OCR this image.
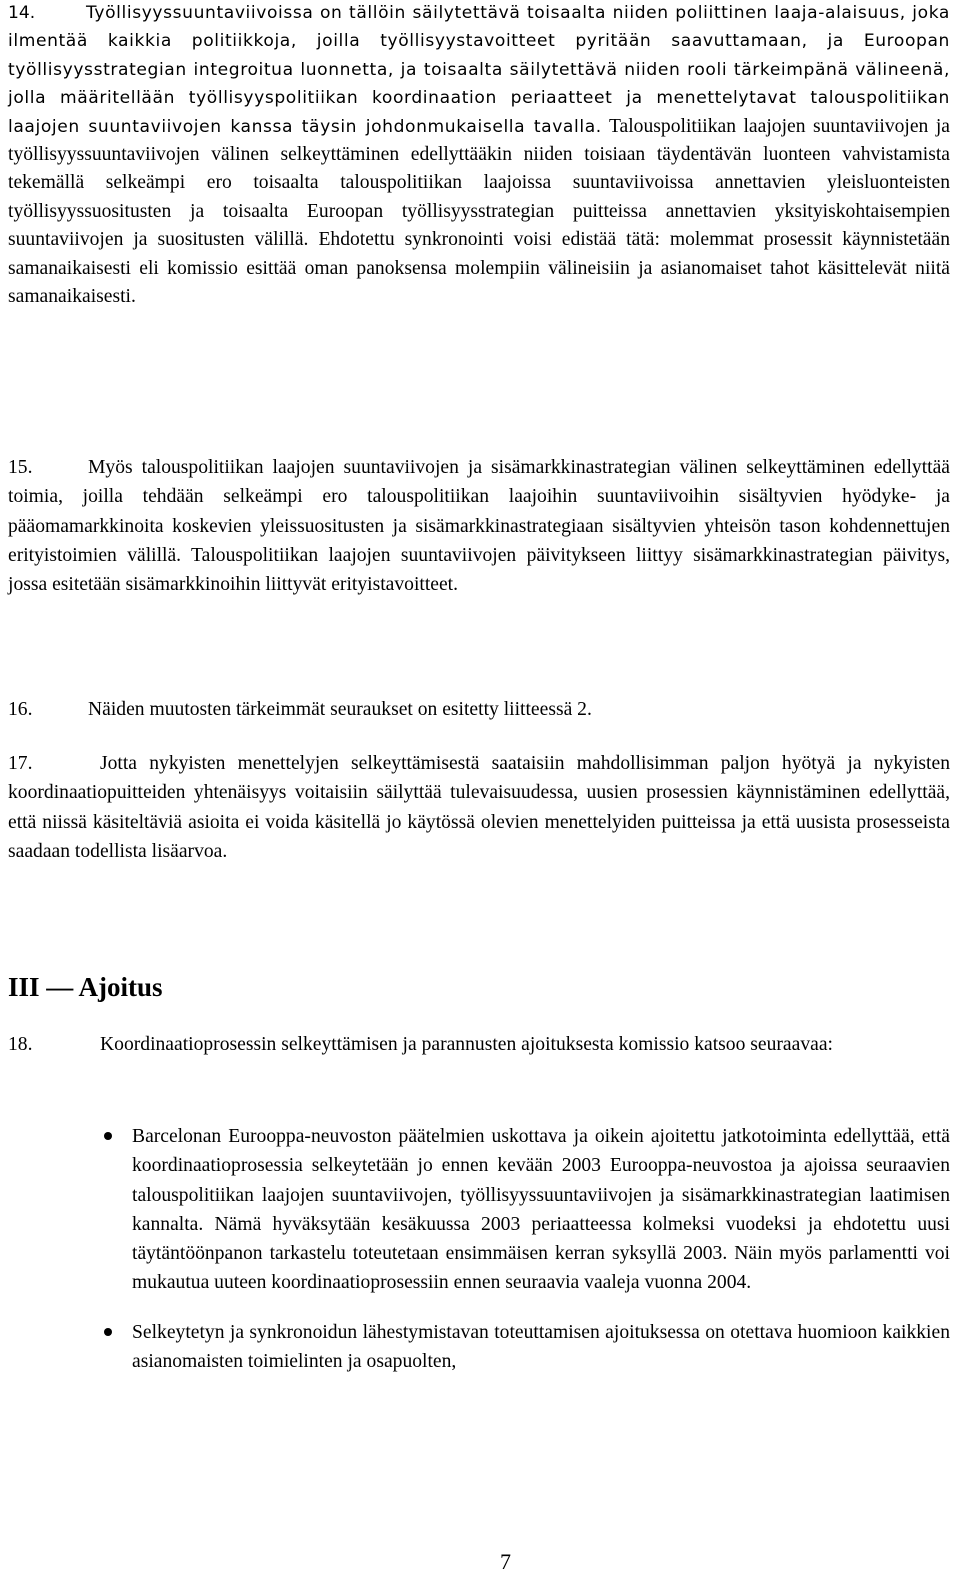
14.	Työllisyyssuuntaviivoissa on tällöin säilytettävä toisaalta niiden poliittinen laaja-alaisuus, joka ilmentää kaikkia politiikkoja, joilla työllisyystavoitteet pyritään saavuttamaan, ja Euroopan työllisyysstrategian integroitua luonnetta, ja toisaalta säilytettävä niiden rooli tärkeimpänä välineenä, jolla määritellään työllisyyspolitiikan koordinaation periaatteet ja menettelytavat talouspolitiikan laajojen suuntaviivojen kanssa täysin johdonmukaisella tavalla. Talouspolitiikan laajojen suuntaviivojen ja työllisyyssuuntaviivojen välinen selkeyttäminen edellyttääkin niiden toisiaan täydentävän luonteen vahvistamista tekemällä selkeämpi ero toisaalta talouspolitiikan laajoissa suuntaviivoissa annettavien yleisluonteisten työllisyyssuositusten ja toisaalta Euroopan työllisyysstrategian puitteissa annettavien yksityiskohtaisempien suuntaviivojen ja suositusten välillä. Ehdotettu synkronointi voisi edistää tätä: molemmat prosessit käynnistetään samanaikaisesti eli komissio esittää oman panoksensa molempiin välineisiin ja asianomaiset tahot käsittelevät niitä samanaikaisesti.

15.	Myös talouspolitiikan laajojen suuntaviivojen ja sisämarkkinastrategian välinen selkeyttäminen edellyttää toimia, joilla tehdään selkeämpi ero talouspolitiikan laajoihin suuntaviivoihin sisältyvien hyödyke- ja pääomamarkkinoita koskevien yleissuositusten ja sisämarkkinastrategiaan sisältyvien yhteisön tason kohdennettujen erityistoimien välillä. Talouspolitiikan laajojen suuntaviivojen päivitykseen liittyy sisämarkkinastrategian päivitys, jossa esitetään sisämarkkinoihin liittyvät erityistavoitteet.

16.	Näiden muutosten tärkeimmät seuraukset on esitetty liitteessä 2.

17.	Jotta nykyisten menettelyjen selkeyttämisestä saataisiin mahdollisimman paljon hyötyä ja nykyisten koordinaatiopuitteiden yhtenäisyys voitaisiin säilyttää tulevaisuudessa, uusien prosessien käynnistäminen edellyttää, että niissä käsiteltäviä asioita ei voida käsitellä jo käytössä olevien menettelyiden puitteissa ja että uusista prosesseista saadaan todellista lisäarvoa.

III — Ajoitus

18.	Koordinaatioprosessin selkeyttämisen ja parannusten ajoituksesta komissio katsoo seuraavaa:

Barcelonan Eurooppa-neuvoston päätelmien uskottava ja oikein ajoitettu jatkotoiminta edellyttää, että koordinaatioprosessia selkeytetään jo ennen kevään 2003 Eurooppa-neuvostoa ja ajoissa seuraavien talouspolitiikan laajojen suuntaviivojen, työllisyyssuuntaviivojen ja sisämarkkinastrategian laatimisen kannalta. Nämä hyväksytään kesäkuussa 2003 periaatteessa kolmeksi vuodeksi ja ehdotettu uusi täytäntöönpanon tarkastelu toteutetaan ensimmäisen kerran syksyllä 2003. Näin myös parlamentti voi mukautua uuteen koordinaatioprosessiin ennen seuraavia vaaleja vuonna 2004.
Selkeytetyn ja synkronoidun lähestymistavan toteuttamisen ajoituksessa on otettava huomioon kaikkien asianomaisten toimielinten ja osapuolten,

7
